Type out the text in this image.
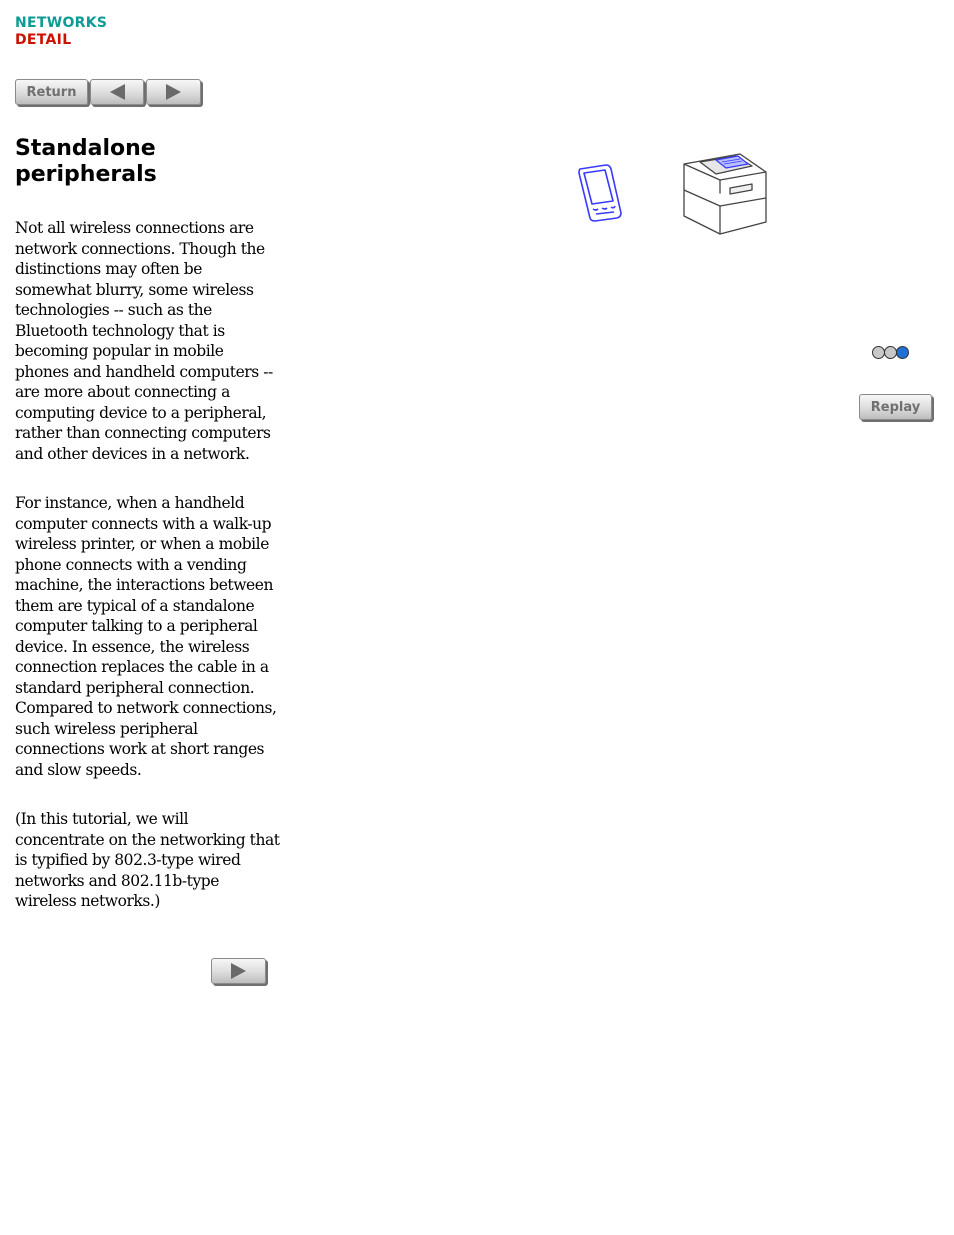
NETWORKS
DETAIL
Return
Standalone peripherals

Not all wireless connections are network connections. Though the distinctions may often be somewhat blurry, some wireless technologies -- such as the Bluetooth technology that is becoming popular in mobile phones and handheld computers -- are more about connecting a computing device to a peripheral, rather than connecting computers and other devices in a network.

For instance, when a handheld computer connects with a walk-up wireless printer, or when a mobile phone connects with a vending machine, the interactions between them are typical of a standalone computer talking to a peripheral device. In essence, the wireless connection replaces the cable in a standard peripheral connection. Compared to network connections, such wireless peripheral connections work at short ranges and slow speeds.

(In this tutorial, we will concentrate on the networking that is typified by 802.3-type wired networks and 802.11b-type wireless networks.)

Replay
